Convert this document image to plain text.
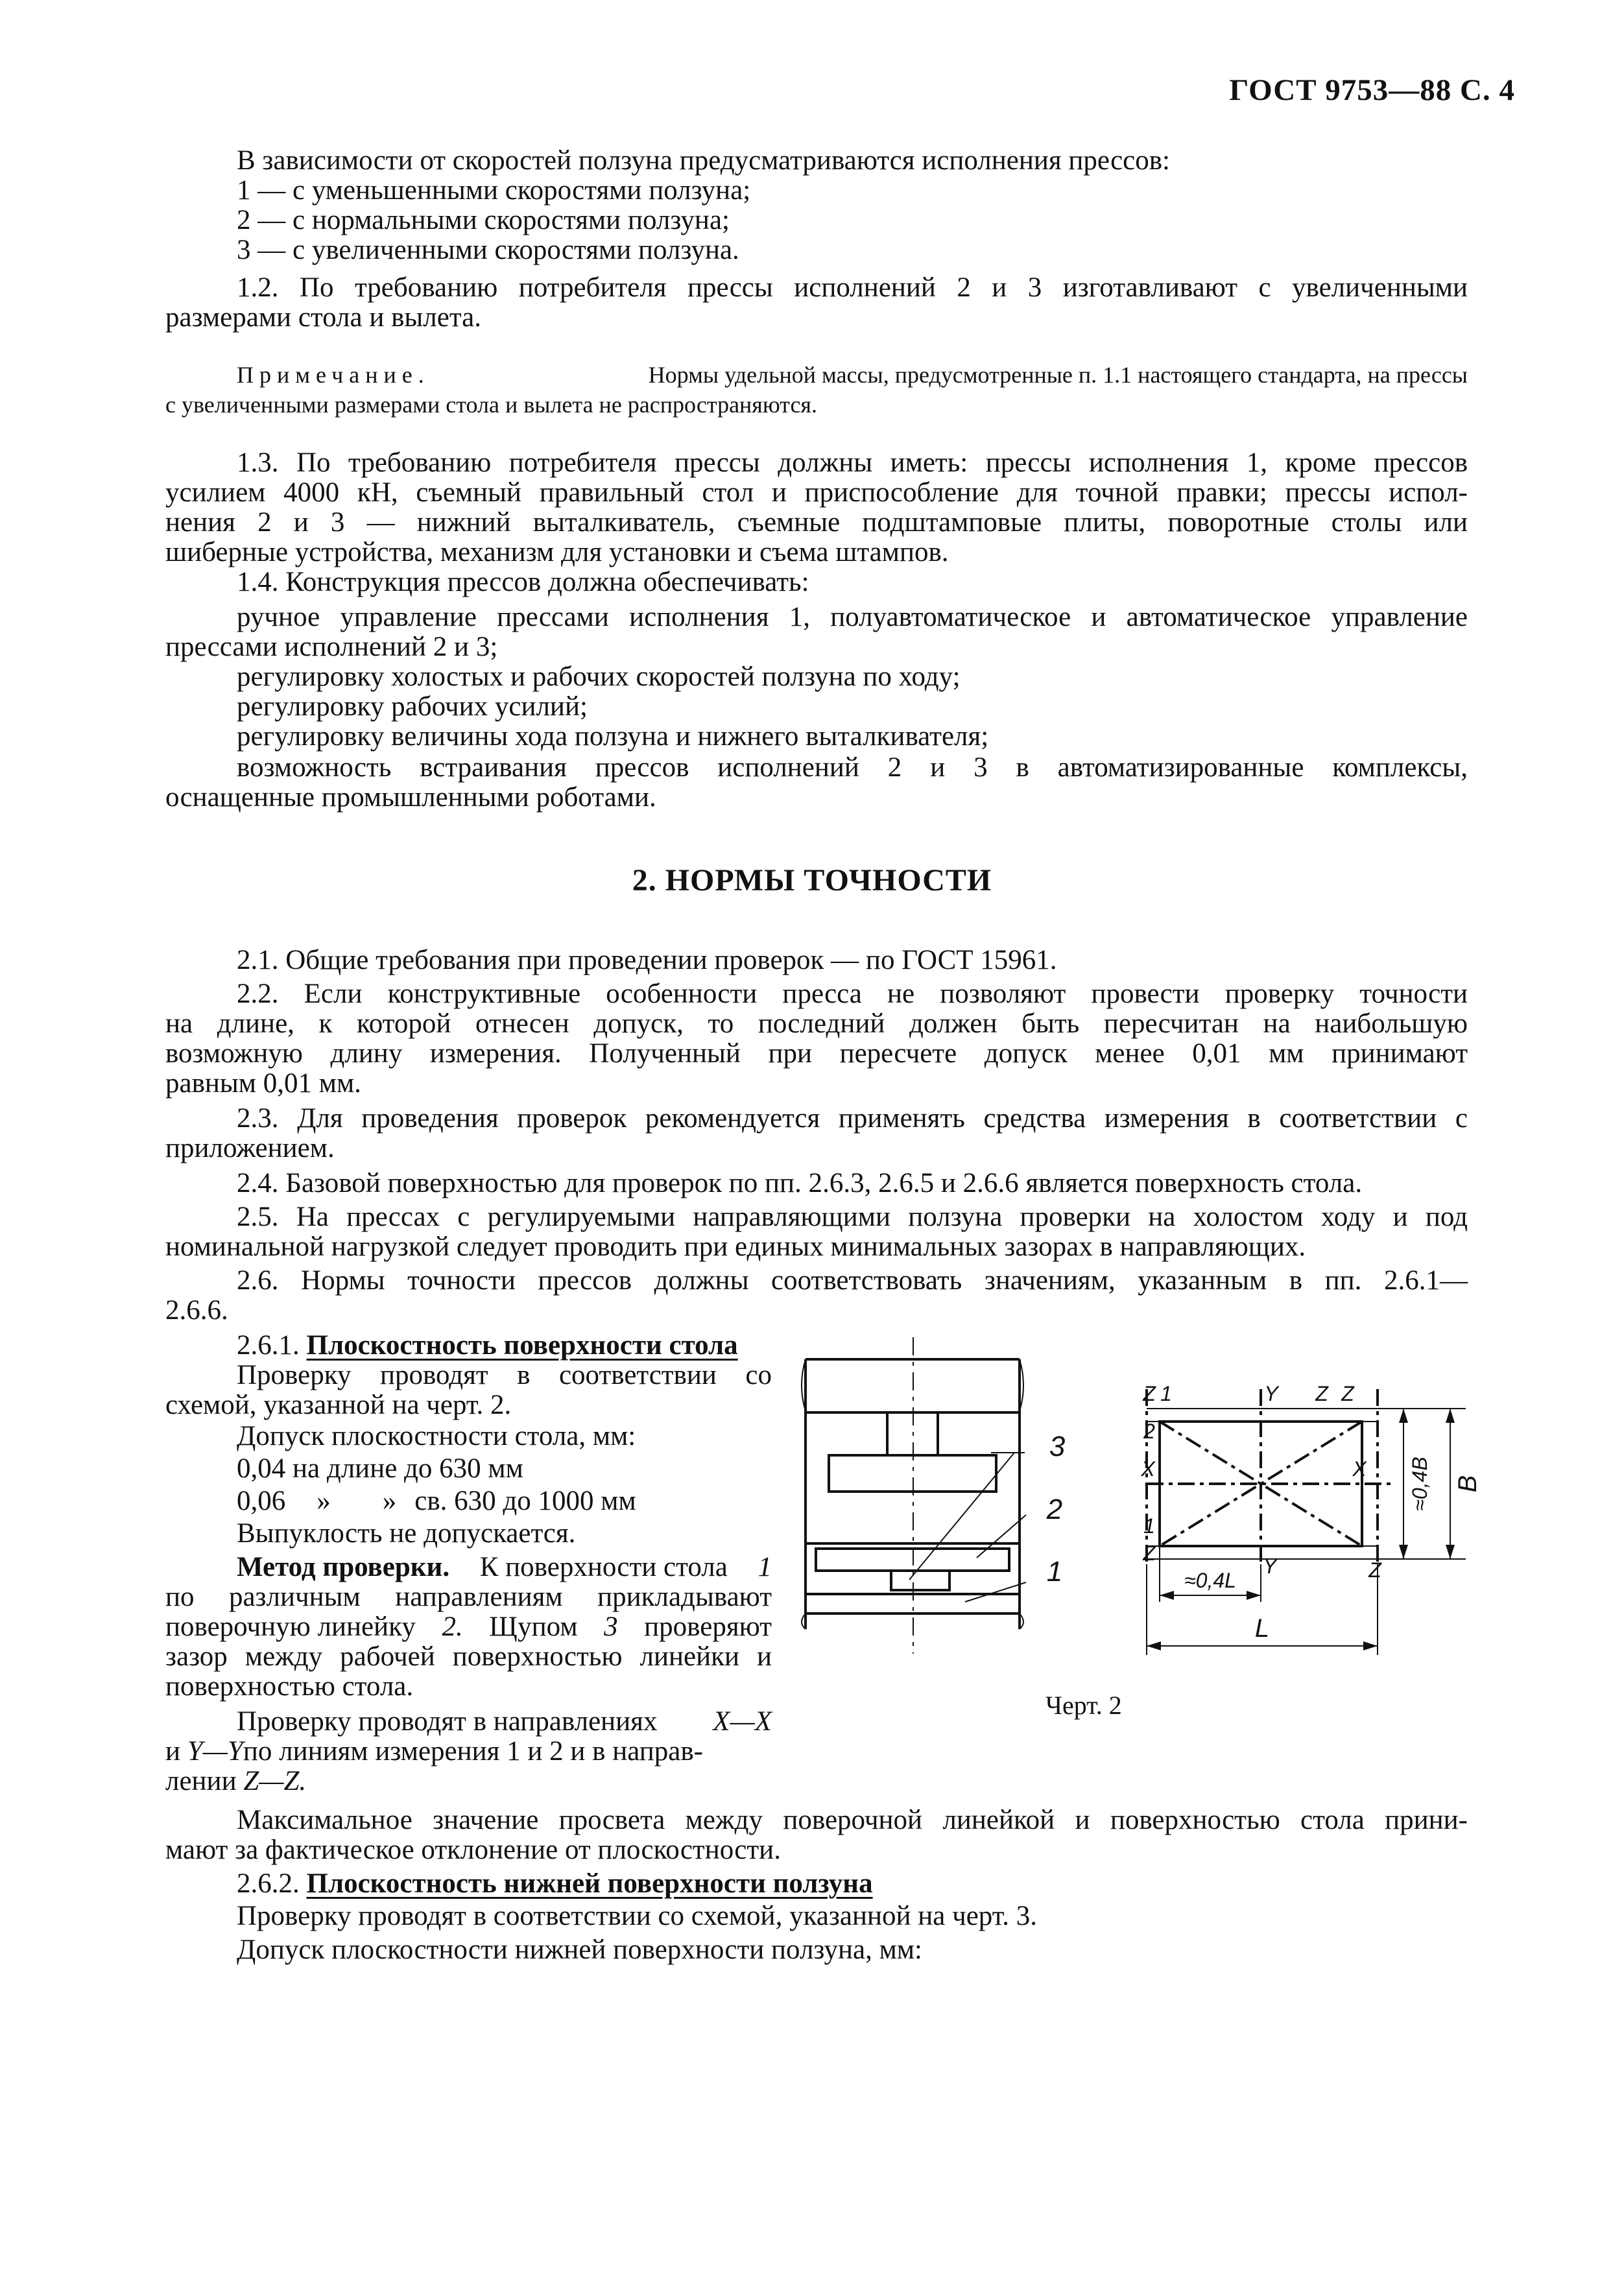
ГОСТ 9753—88 С. 4

В зависимости от скоростей ползуна предусматриваются исполнения прессов:

1 — с уменьшенными скоростями ползуна;

2 — с нормальными скоростями ползуна;

3 — с увеличенными скоростями ползуна.

1.2. По требованию потребителя прессы исполнений 2 и 3 изготавливают с увеличенными

размерами стола и вылета.

Примечание.	Нормы удельной массы, предусмотренные п. 1.1 настоящего стандарта, на прессы

с увеличенными размерами стола и вылета не распространяются.

1.3. По требованию потребителя прессы должны иметь: прессы исполнения 1, кроме прессов

усилием 4000 кН, съемный правильный стол и приспособление для точной правки; прессы испол-

нения 2 и 3 — нижний выталкиватель, съемные подштамповые плиты, поворотные столы или

шиберные устройства, механизм для установки и съема штампов.

1.4. Конструкция прессов должна обеспечивать:

ручное управление прессами исполнения 1, полуавтоматическое и автоматическое управление

прессами исполнений 2 и 3;

регулировку холостых и рабочих скоростей ползуна по ходу;

регулировку рабочих усилий;

регулировку величины хода ползуна и нижнего выталкивателя;

возможность встраивания прессов исполнений 2 и 3 в автоматизированные комплексы,

оснащенные промышленными роботами.

2. НОРМЫ ТОЧНОСТИ

2.1. Общие требования при проведении проверок — по ГОСТ 15961.

2.2. Если конструктивные особенности пресса не позволяют провести проверку точности

на длине, к которой отнесен допуск, то последний должен быть пересчитан на наибольшую

возможную длину измерения. Полученный при пересчете допуск менее 0,01 мм принимают

равным 0,01 мм.

2.3. Для проведения проверок рекомендуется применять средства измерения в соответствии с

приложением.

2.4. Базовой поверхностью для проверок по пп. 2.6.3, 2.6.5 и 2.6.6 является поверхность стола.

2.5. На прессах с регулируемыми направляющими ползуна проверки на холостом ходу и под

номинальной нагрузкой следует проводить при единых минимальных зазорах в направляющих.

2.6. Нормы точности прессов должны соответствовать значениям, указанным в пп. 2.6.1—

2.6.6.

2.6.1. Плоскостность поверхности стола

Проверку проводят в соответствии со

схемой, указанной на черт. 2.

Допуск плоскостности стола, мм:

0,04 на длине до 630 мм

0,06 » » св. 630 до 1000 мм

Выпуклость не допускается.

Метод проверки. К поверхности стола 1

по различным направлениям прикладывают

поверочную линейку 2. Щупом 3 проверяют

зазор между рабочей поверхностью линейки и

поверхностью стола.

Проверку проводят в направлениях X—X

и Y—Yпо линиям измерения 1 и 2 и в направ-

лении Z—Z.

3
2
1
Z 1	Y Z Z
2
X
1
Z
X
Y	Z
≈0,4L
L
≈0,4B B
Черт. 2

Максимальное значение просвета между поверочной линейкой и поверхностью стола прини-

мают за фактическое отклонение от плоскостности.

2.6.2. Плоскостность нижней поверхности ползуна

Проверку проводят в соответствии со схемой, указанной на черт. 3.

Допуск плоскостности нижней поверхности ползуна, мм:
